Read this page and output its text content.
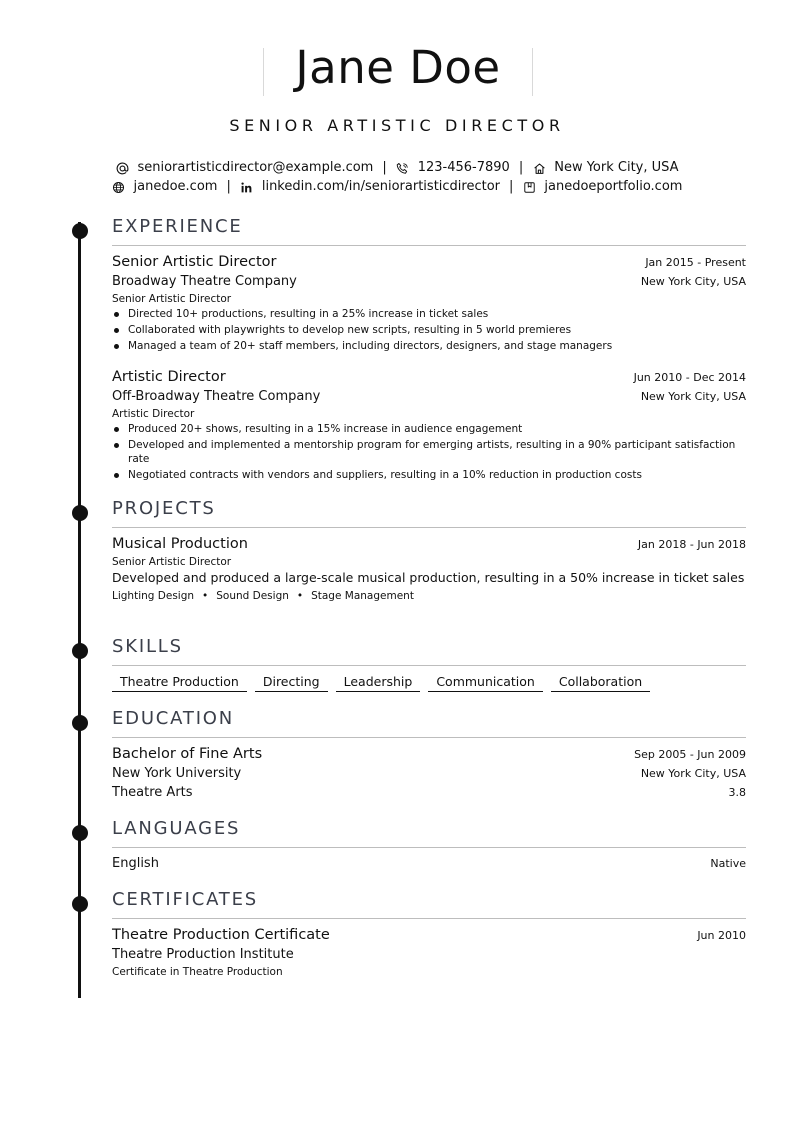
Jane Doe
SENIOR ARTISTIC DIRECTOR
seniorartisticdirector@example.com | 123-456-7890 | New York City, USA
janedoe.com | linkedin.com/in/seniorartisticdirector | janedoeportfolio.com
EXPERIENCE
Senior Artistic Director	Jan 2015 - Present
Broadway Theatre Company	New York City, USA
Senior Artistic Director
Directed 10+ productions, resulting in a 25% increase in ticket sales
Collaborated with playwrights to develop new scripts, resulting in 5 world premieres
Managed a team of 20+ staff members, including directors, designers, and stage managers
Artistic Director	Jun 2010 - Dec 2014
Off-Broadway Theatre Company	New York City, USA
Artistic Director
Produced 20+ shows, resulting in a 15% increase in audience engagement
Developed and implemented a mentorship program for emerging artists, resulting in a 90% participant satisfaction rate
Negotiated contracts with vendors and suppliers, resulting in a 10% reduction in production costs
PROJECTS
Musical Production	Jan 2018 - Jun 2018
Senior Artistic Director
Developed and produced a large-scale musical production, resulting in a 50% increase in ticket sales
Lighting Design • Sound Design • Stage Management
SKILLS
Theatre Production	Directing	Leadership	Communication	Collaboration
EDUCATION
Bachelor of Fine Arts	Sep 2005 - Jun 2009
New York University	New York City, USA
Theatre Arts	3.8
LANGUAGES
English	Native
CERTIFICATES
Theatre Production Certificate	Jun 2010
Theatre Production Institute
Certificate in Theatre Production
